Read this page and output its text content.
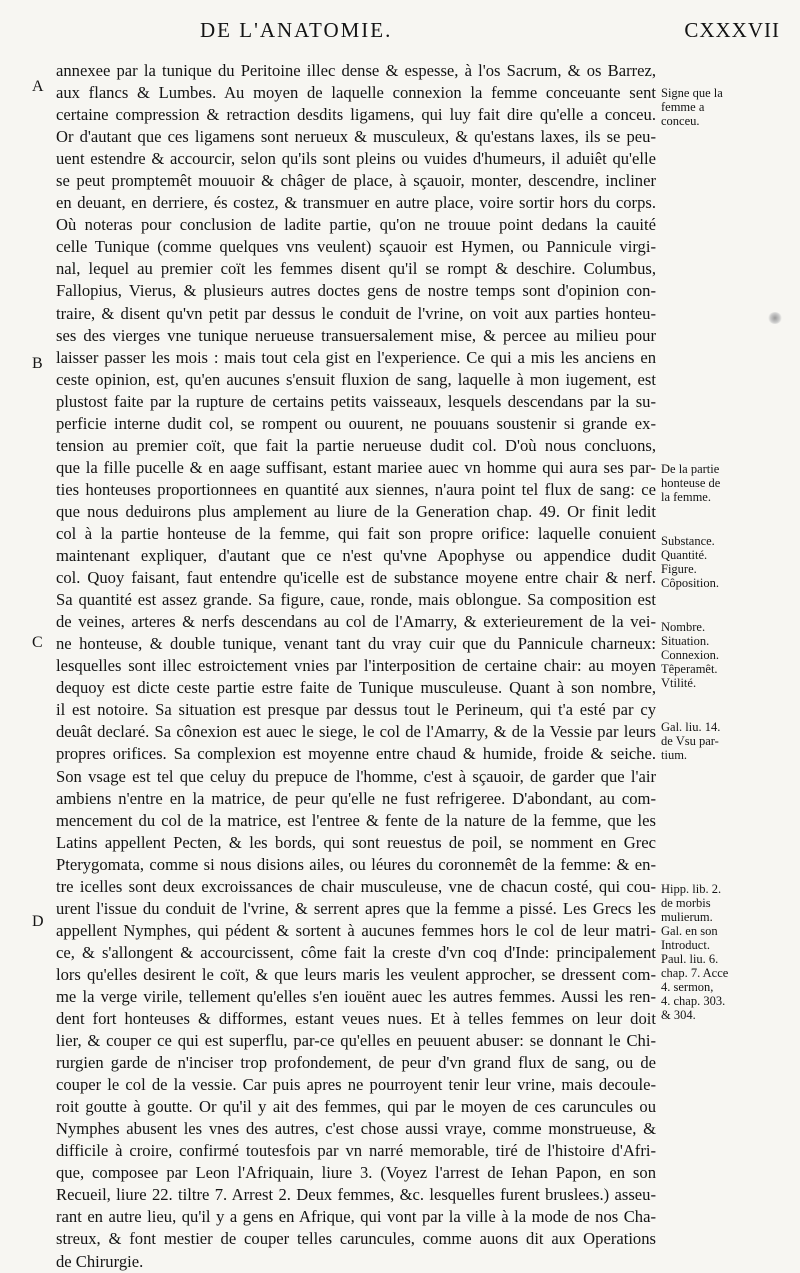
DE L'ANATOMIE.	CXXXVII
A
B
C
D
annexee par la tunique du Peritoine illec dense & espesse, à l'os Sacrum, & os Barrez,
aux flancs & Lumbes. Au moyen de laquelle connexion la femme conceuante sent
certaine compression & retraction desdits ligamens, qui luy fait dire qu'elle a conceu.
Or d'autant que ces ligamens sont nerueux & musculeux, & qu'estans laxes, ils se peu-
uent estendre & accourcir, selon qu'ils sont pleins ou vuides d'humeurs, il aduiêt qu'elle
se peut promptemêt mouuoir & châger de place, à sçauoir, monter, descendre, incliner
en deuant, en derriere, és costez, & transmuer en autre place, voire sortir hors du corps.
Où noteras pour conclusion de ladite partie, qu'on ne trouue point dedans la cauité
celle Tunique (comme quelques vns veulent) sçauoir est Hymen, ou Pannicule virgi-
nal, lequel au premier coït les femmes disent qu'il se rompt & deschire. Columbus,
Fallopius, Vierus, & plusieurs autres doctes gens de nostre temps sont d'opinion con-
traire, & disent qu'vn petit par dessus le conduit de l'vrine, on voit aux parties honteu-
ses des vierges vne tunique nerueuse transuersalement mise, & percee au milieu pour
laisser passer les mois : mais tout cela gist en l'experience. Ce qui a mis les anciens en
ceste opinion, est, qu'en aucunes s'ensuit fluxion de sang, laquelle à mon iugement, est
plustost faite par la rupture de certains petits vaisseaux, lesquels descendans par la su-
perficie interne dudit col, se rompent ou ouurent, ne pouuans soustenir si grande ex-
tension au premier coït, que fait la partie nerueuse dudit col. D'où nous concluons,
que la fille pucelle & en aage suffisant, estant mariee auec vn homme qui aura ses par-
ties honteuses proportionnees en quantité aux siennes, n'aura point tel flux de sang: ce
que nous deduirons plus amplement au liure de la Generation chap. 49. Or finit ledit
col à la partie honteuse de la femme, qui fait son propre orifice: laquelle conuient
maintenant expliquer, d'autant que ce n'est qu'vne Apophyse ou appendice dudit
col. Quoy faisant, faut entendre qu'icelle est de substance moyene entre chair & nerf.
Sa quantité est assez grande. Sa figure, caue, ronde, mais oblongue. Sa composition est
de veines, arteres & nerfs descendans au col de l'Amarry, & exterieurement de la vei-
ne honteuse, & double tunique, venant tant du vray cuir que du Pannicule charneux:
lesquelles sont illec estroictement vnies par l'interposition de certaine chair: au moyen
dequoy est dicte ceste partie estre faite de Tunique musculeuse. Quant à son nombre,
il est notoire. Sa situation est presque par dessus tout le Perineum, qui t'a esté par cy
deuât declaré. Sa cônexion est auec le siege, le col de l'Amarry, & de la Vessie par leurs
propres orifices. Sa complexion est moyenne entre chaud & humide, froide & seiche.
Son vsage est tel que celuy du prepuce de l'homme, c'est à sçauoir, de garder que l'air
ambiens n'entre en la matrice, de peur qu'elle ne fust refrigeree. D'abondant, au com-
mencement du col de la matrice, est l'entree & fente de la nature de la femme, que les
Latins appellent Pecten, & les bords, qui sont reuestus de poil, se nomment en Grec
Pterygomata, comme si nous disions ailes, ou léures du coronnemêt de la femme: & en-
tre icelles sont deux excroissances de chair musculeuse, vne de chacun costé, qui cou-
urent l'issue du conduit de l'vrine, & serrent apres que la femme a pissé. Les Grecs les
appellent Nymphes, qui pédent & sortent à aucunes femmes hors le col de leur matri-
ce, & s'allongent & accourcissent, côme fait la creste d'vn coq d'Inde: principalement
lors qu'elles desirent le coït, & que leurs maris les veulent approcher, se dressent com-
me la verge virile, tellement qu'elles s'en iouënt auec les autres femmes. Aussi les ren-
dent fort honteuses & difformes, estant veues nues. Et à telles femmes on leur doit
lier, & couper ce qui est superflu, par-ce qu'elles en peuuent abuser: se donnant le Chi-
rurgien garde de n'inciser trop profondement, de peur d'vn grand flux de sang, ou de
couper le col de la vessie. Car puis apres ne pourroyent tenir leur vrine, mais decoule-
roit goutte à goutte. Or qu'il y ait des femmes, qui par le moyen de ces caruncules ou
Nymphes abusent les vnes des autres, c'est chose aussi vraye, comme monstrueuse, &
difficile à croire, confirmé toutesfois par vn narré memorable, tiré de l'histoire d'Afri-
que, composee par Leon l'Afriquain, liure 3. (Voyez l'arrest de Iehan Papon, en son
Recueil, liure 22. tiltre 7. Arrest 2. Deux femmes, &c. lesquelles furent bruslees.) asseu-
rant en autre lieu, qu'il y a gens en Afrique, qui vont par la ville à la mode de nos Cha-
streux, & font mestier de couper telles caruncules, comme auons dit aux Operations
de Chirurgie.
Signe que la
femme a
conceu.
De la partie
honteuse de
la femme.
Substance.
Quantité.
Figure.
Côposition.
Nombre.
Situation.
Connexion.
Têperamêt.
Vtilité.
Gal. liu. 14.
de Vsu par-
tium.
Hipp. lib. 2.
de morbis
mulierum.
Gal. en son
Introduct.
Paul. liu. 6.
chap. 7. Acce
4. sermon,
4. chap. 303.
& 304.
